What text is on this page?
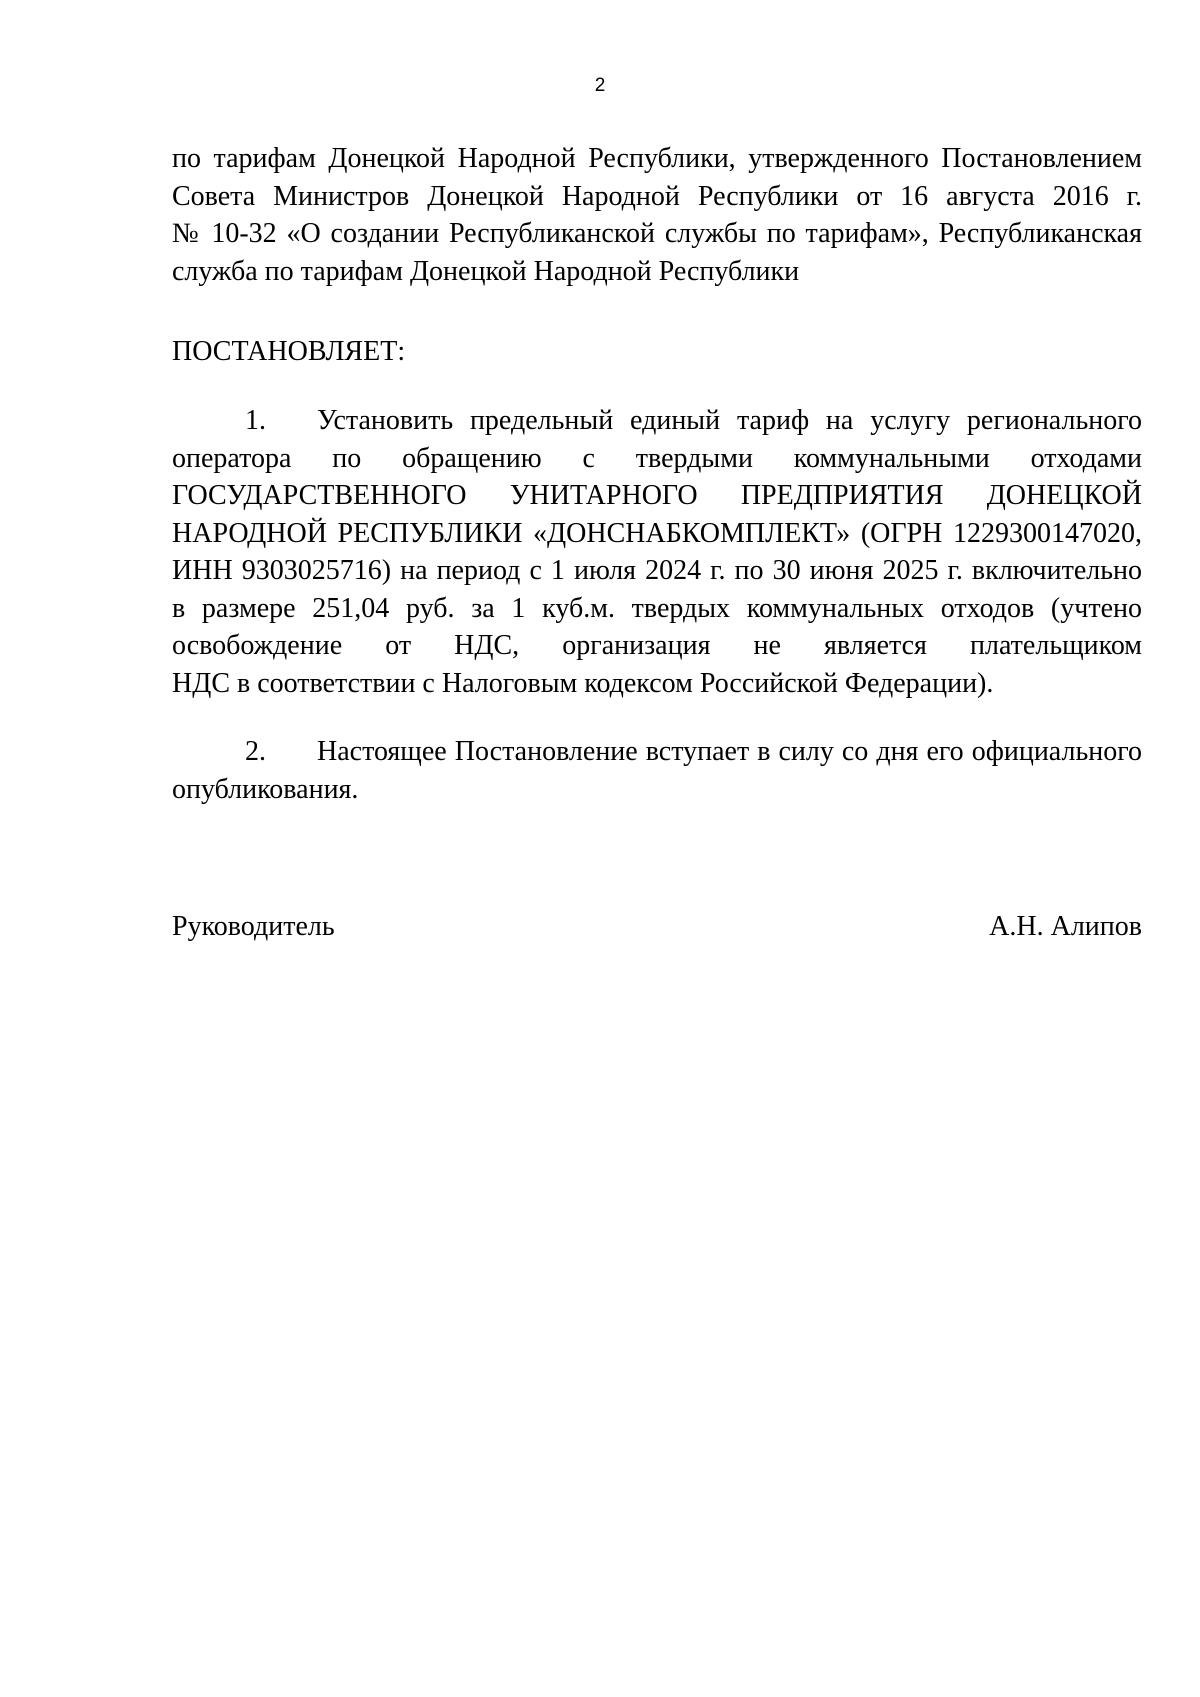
2
по тарифам Донецкой Народной Республики, утвержденного Постановлением
Совета Министров Донецкой Народной Республики от 16 августа 2016 г.
№ 10-32 «О создании Республиканской службы по тарифам», Республиканская
служба по тарифам Донецкой Народной Республики
ПОСТАНОВЛЯЕТ:
1. Установить предельный единый тариф на услугу регионального
оператора по обращению с твердыми коммунальными отходами
ГОСУДАРСТВЕННОГО УНИТАРНОГО ПРЕДПРИЯТИЯ ДОНЕЦКОЙ
НАРОДНОЙ РЕСПУБЛИКИ «ДОНСНАБКОМПЛЕКТ» (ОГРН 1229300147020,
ИНН 9303025716) на период с 1 июля 2024 г. по 30 июня 2025 г. включительно
в размере 251,04 руб. за 1 куб.м. твердых коммунальных отходов (учтено
освобождение от НДС, организация не является плательщиком
НДС в соответствии с Налоговым кодексом Российской Федерации).
2. Настоящее Постановление вступает в силу со дня его официального
опубликования.
Руководитель	А.Н. Алипов
